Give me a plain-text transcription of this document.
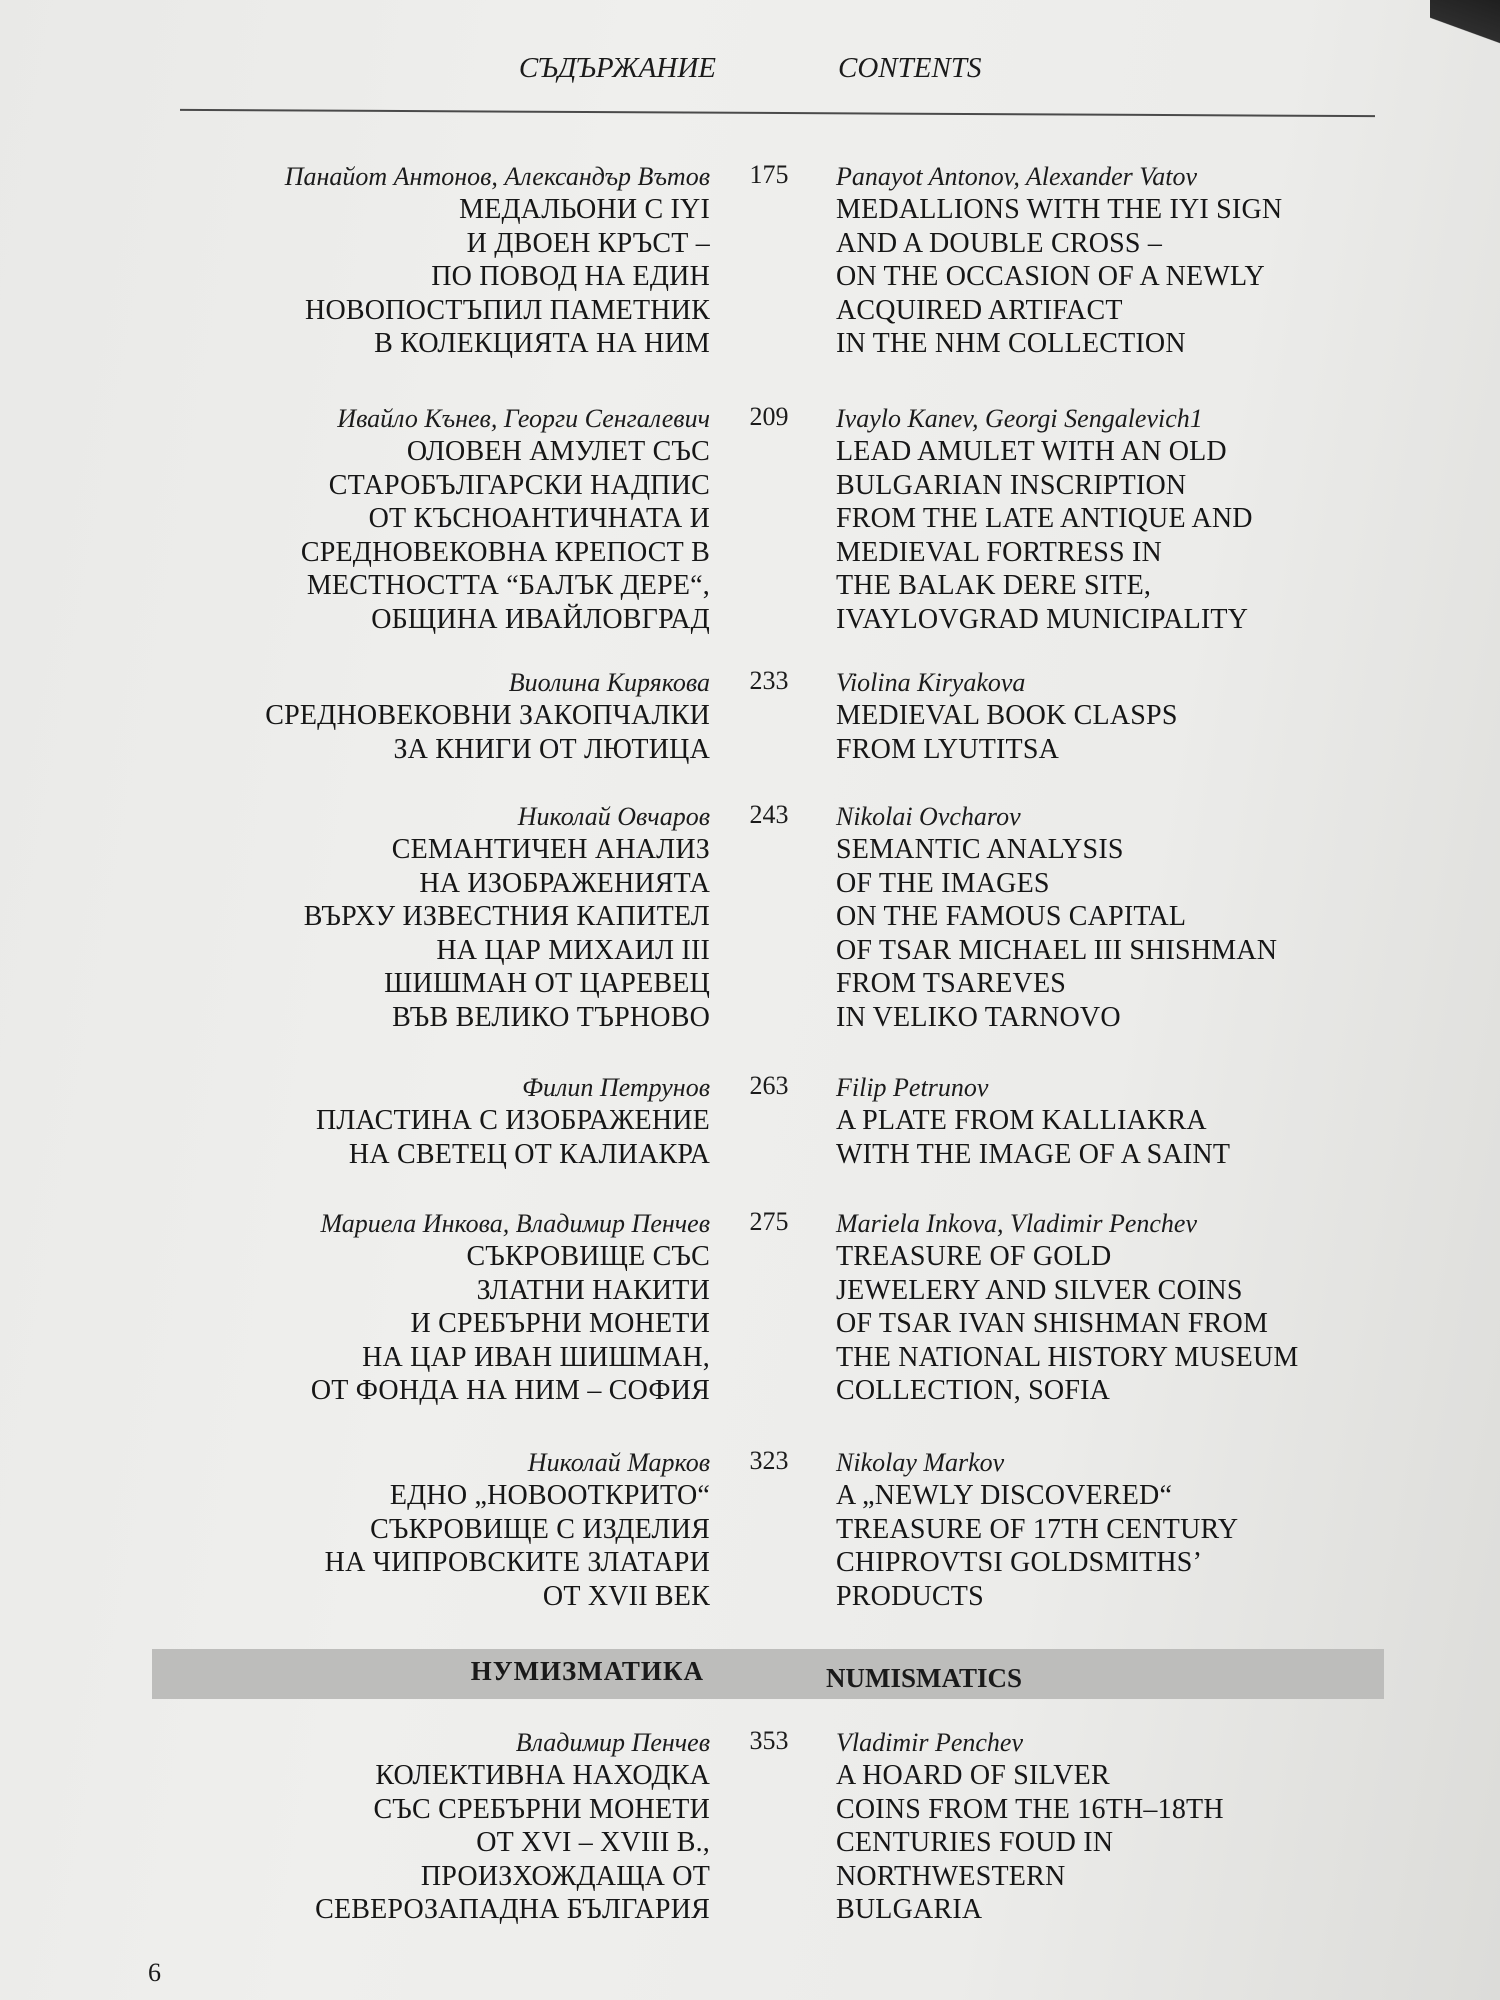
СЪДЪРЖАНИЕ	CONTENTS
Панайот Антонов, Александър Вътов
МЕДАЛЬОНИ С IYI
И ДВОЕН КРЪСТ –
ПО ПОВОД НА ЕДИН
НОВОПОСТЪПИЛ ПАМЕТНИК
В КОЛЕКЦИЯТА НА НИМ
175 Panayot Antonov, Alexander Vatov
MEDALLIONS WITH THE IYI SIGN
AND A DOUBLE CROSS –
ON THE OCCASION OF A NEWLY
ACQUIRED ARTIFACT
IN THE NHM COLLECTION
Ивайло Кънев, Георги Сенгалевич
ОЛОВЕН АМУЛЕТ СЪС
СТАРОБЪЛГАРСКИ НАДПИС
ОТ КЪСНОАНТИЧНАТА И
СРЕДНОВЕКОВНА КРЕПОСТ В
МЕСТНОСТТА “БАЛЪК ДЕРЕ“,
ОБЩИНА ИВАЙЛОВГРАД
209 Ivaylo Kanev, Georgi Sengalevich1
LEAD AMULET WITH AN OLD
BULGARIAN INSCRIPTION
FROM THE LATE ANTIQUE AND
MEDIEVAL FORTRESS IN
THE BALAK DERE SITE,
IVAYLOVGRAD MUNICIPALITY
Виолина Кирякова
СРЕДНОВЕКОВНИ ЗАКОПЧАЛКИ
ЗА КНИГИ ОТ ЛЮТИЦА
233 Violina Kiryakova
MEDIEVAL BOOK CLASPS
FROM LYUTITSA
Николай Овчаров
СЕМАНТИЧЕН АНАЛИЗ
НА ИЗОБРАЖЕНИЯТА
ВЪРХУ ИЗВЕСТНИЯ КАПИТЕЛ
НА ЦАР МИХАИЛ III
ШИШМАН ОТ ЦАРЕВЕЦ
ВЪВ ВЕЛИКО ТЪРНОВО
243 Nikolai Ovcharov
SEMANTIC ANALYSIS
OF THE IMAGES
ON THE FAMOUS CAPITAL
OF TSAR MICHAEL III SHISHMAN
FROM TSAREVES
IN VELIKO TARNOVO
Филип Петрунов
ПЛАСТИНА С ИЗОБРАЖЕНИЕ
НА СВЕТЕЦ ОТ КАЛИАКРА
263 Filip Petrunov
A PLATE FROM KALLIAKRA
WITH THE IMAGE OF A SAINT
Мариела Инкова, Владимир Пенчев
СЪКРОВИЩЕ СЪС
ЗЛАТНИ НАКИТИ
И СРЕБЪРНИ МОНЕТИ
НА ЦАР ИВАН ШИШМАН,
ОТ ФОНДА НА НИМ – СОФИЯ
275 Mariela Inkova, Vladimir Penchev
TREASURE OF GOLD
JEWELERY AND SILVER COINS
OF TSAR IVAN SHISHMAN FROM
THE NATIONAL HISTORY MUSEUM
COLLECTION, SOFIA
Николай Марков
ЕДНО „НОВООТКРИТО“
СЪКРОВИЩЕ С ИЗДЕЛИЯ
НА ЧИПРОВСКИТЕ ЗЛАТАРИ
ОТ XVII ВЕК
323 Nikolay Markov
A „NEWLY DISCOVERED“
TREASURE OF 17TH CENTURY
CHIPROVTSI GOLDSMITHS’
PRODUCTS
НУМИЗМАТИКА	NUMISMATICS
Владимир Пенчев
КОЛЕКТИВНА НАХОДКА
СЪС СРЕБЪРНИ МОНЕТИ
ОТ XVI – XVIII В.,
ПРОИЗХОЖДАЩА ОТ
СЕВЕРОЗАПАДНА БЪЛГАРИЯ
353 Vladimir Penchev
A HOARD OF SILVER
COINS FROM THE 16TH–18TH
CENTURIES FOUD IN
NORTHWESTERN
BULGARIA
6
